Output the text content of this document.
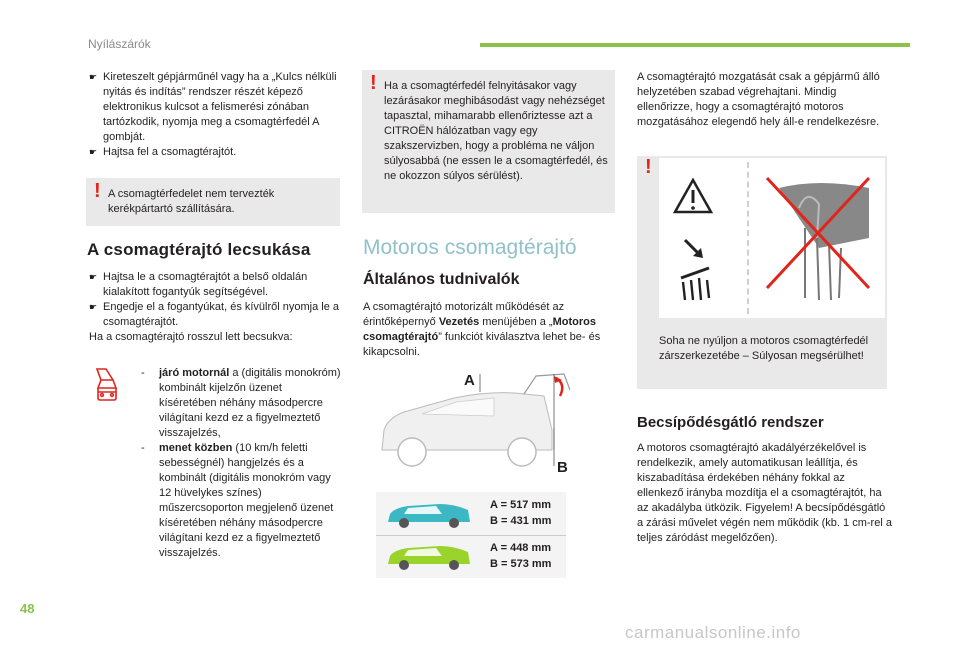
Nyílászárók
☛ Kireteszelt gépjárműnél vagy ha a „Kulcs nélküli nyitás és indítás” rendszer részét képező elektronikus kulcsot a felismerési zónában tartózkodik, nyomja meg a csomagtérfedél A gombját.
☛ Hajtsa fel a csomagtérajtót.
! A csomagtérfedelet nem tervezték kerékpártartó szállítására.
A csomagtérajtó lecsukása
☛ Hajtsa le a csomagtérajtót a belső oldalán kialakított fogantyúk segítségével.
☛ Engedje el a fogantyúkat, és kívülről nyomja le a csomagtérajtót.
Ha a csomagtérajtó rosszul lett becsukva:
-	járó motornál a (digitális monokróm) kombinált kijelzőn üzenet kíséretében néhány másodpercre világítani kezd ez a figyelmeztető visszajelzés,
-	menet közben (10 km/h feletti sebességnél) hangjelzés és a kombinált (digitális monokróm vagy 12 hüvelykes színes) műszercsoporton megjelenő üzenet kíséretében néhány másodpercre világítani kezd ez a figyelmeztető visszajelzés.
! Ha a csomagtérfedél felnyitásakor vagy lezárásakor meghibásodást vagy nehézséget tapasztal, mihamarabb ellenőriztesse azt a CITROËN hálózatban vagy egy szakszervizben, hogy a probléma ne váljon súlyosabbá (ne essen le a csomagtérfedél, és ne okozzon súlyos sérülést).
Motoros csomagtérajtó
Általános tudnivalók
A csomagtérajtó motorizált működését az érintőképernyő Vezetés menüjében a „Motoros csomagtérajtó” funkciót kiválasztva lehet be- és kikapcsolni.
A
B
A = 517 mm
B = 431 mm
A = 448 mm
B = 573 mm
A csomagtérajtó mozgatását csak a gépjármű álló helyzetében szabad végrehajtani. Mindig ellenőrizze, hogy a csomagtérajtó motoros mozgatásához elegendő hely áll-e rendelkezésre.
!
Soha ne nyúljon a motoros csomagtérfedél zárszerkezetébe – Súlyosan megsérülhet!
Becsípődésgátló rendszer
A motoros csomagtérajtó akadályérzékelővel is rendelkezik, amely automatikusan leállítja, és kiszabadítása érdekében néhány fokkal az ellenkező irányba mozdítja el a csomagtérajtót, ha az akadályba ütközik. Figyelem! A becsípődésgátló a zárási művelet végén nem működik (kb. 1 cm-rel a teljes záródást megelőzően).
48
carmanualsonline.info
